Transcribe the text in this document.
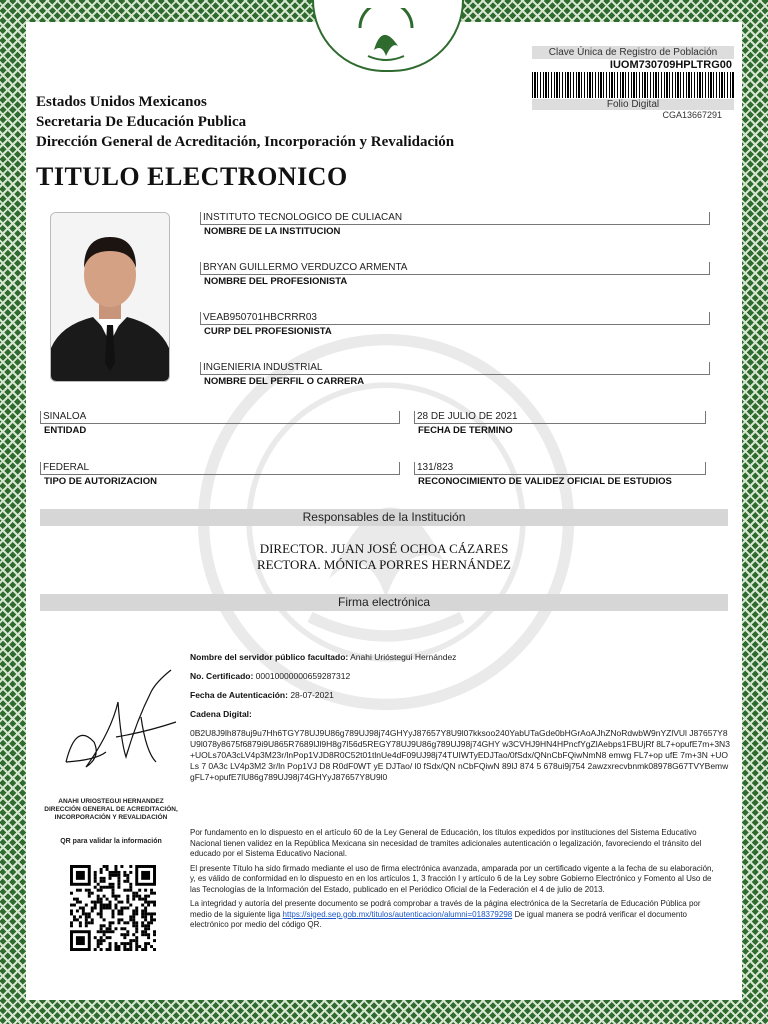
Clave Única de Registro de Población
IUOM730709HPLTRG00
Folio Digital
CGA13667291
Estados Unidos Mexicanos
Secretaria De Educación Publica
Dirección General de Acreditación, Incorporación y Revalidación
TITULO ELECTRONICO
INSTITUTO TECNOLOGICO DE CULIACAN
NOMBRE DE LA INSTITUCION
BRYAN GUILLERMO VERDUZCO ARMENTA
NOMBRE DEL PROFESIONISTA
VEAB950701HBCRRR03
CURP DEL PROFESIONISTA
INGENIERIA INDUSTRIAL
NOMBRE DEL PERFIL O CARRERA
SINALOA
ENTIDAD
28 DE JULIO DE 2021
FECHA DE TERMINO
FEDERAL
TIPO DE AUTORIZACION
131/823
RECONOCIMIENTO DE VALIDEZ OFICIAL DE ESTUDIOS
Responsables de la Institución
DIRECTOR. JUAN JOSÉ OCHOA CÁZARES
RECTORA. MÓNICA PORRES HERNÁNDEZ
Firma electrónica
ANAHI URIOSTEGUI HERNANDEZ
DIRECCIÓN GENERAL DE ACREDITACIÓN, INCORPORACIÓN Y REVALIDACIÓN
QR para validar la información

Nombre del servidor público facultado: Anahi Urióstegui Hernández

No. Certificado: 00010000000659287312

Fecha de Autenticación: 28-07-2021

Cadena Digital:

0B2U8J9lh878uj9u7Hh6TGY78UJ9U86g789UJ98j74GHYyJ87657Y8U9l07kksoo240YabUTaGde0bHGrAoAJhZNoRdwbW9nYZlVUl J87657Y8U9l078y8675f6879i9U865R7689lJl9H8g7l56d5REGY78UJ9U86g789UJ98j74GHY w3CVHJ9HN4HPncfYgZlAebps1FBUjRf 8L7+opufE7m+3N3+UOLs70A3cLV4p3M23r/lnPop1VJD8R0C52t01tlnUe4dF09UJ98j74TUIWTyEDJTao/0fSdx/QNnCbFQiwNmN8 emwg FL7+op ufE 7m+3N +UOLs 7 0A3c LV4p3M2 3r/ln Pop1VJ D8 R0dF0WT yE DJTao/ l0 fSdx/QN nCbFQiwN 89lJ 874 5 678ui9j754 2awzxrecvbnmk08978G67TVYBemwgFL7+opufE7lU86g789UJ98j74GHYyJ87657Y8U9l0

Por fundamento en lo dispuesto en el artículo 60 de la Ley General de Educación, los títulos expedidos por instituciones del Sistema Educativo Nacional tienen validez en la República Mexicana sin necesidad de tramites adicionales autenticación o legalización, favoreciendo el tránsito del educado por el Sistema Educativo Nacional.

El presente Título ha sido firmado mediante el uso de firma electrónica avanzada, amparada por un certificado vigente a la fecha de su elaboración, y, es válido de conformidad en lo dispuesto en en los artículos 1, 3 fracción I y artículo 6 de la Ley sobre Gobierno Electrónico y Fomento al Uso de las Tecnologías de la Información del Estado, publicado en el Periódico Oficial de la Federación el 4 de julio de 2013.

La integridad y autoría del presente documento se podrá comprobar a través de la página electrónica de la Secretaría de Educación Pública por medio de la siguiente liga https://siged.sep.gob.mx/titulos/autenticacion/alumni=018379298 De igual manera se podrá verificar el documento electrónico por medio del código QR.
